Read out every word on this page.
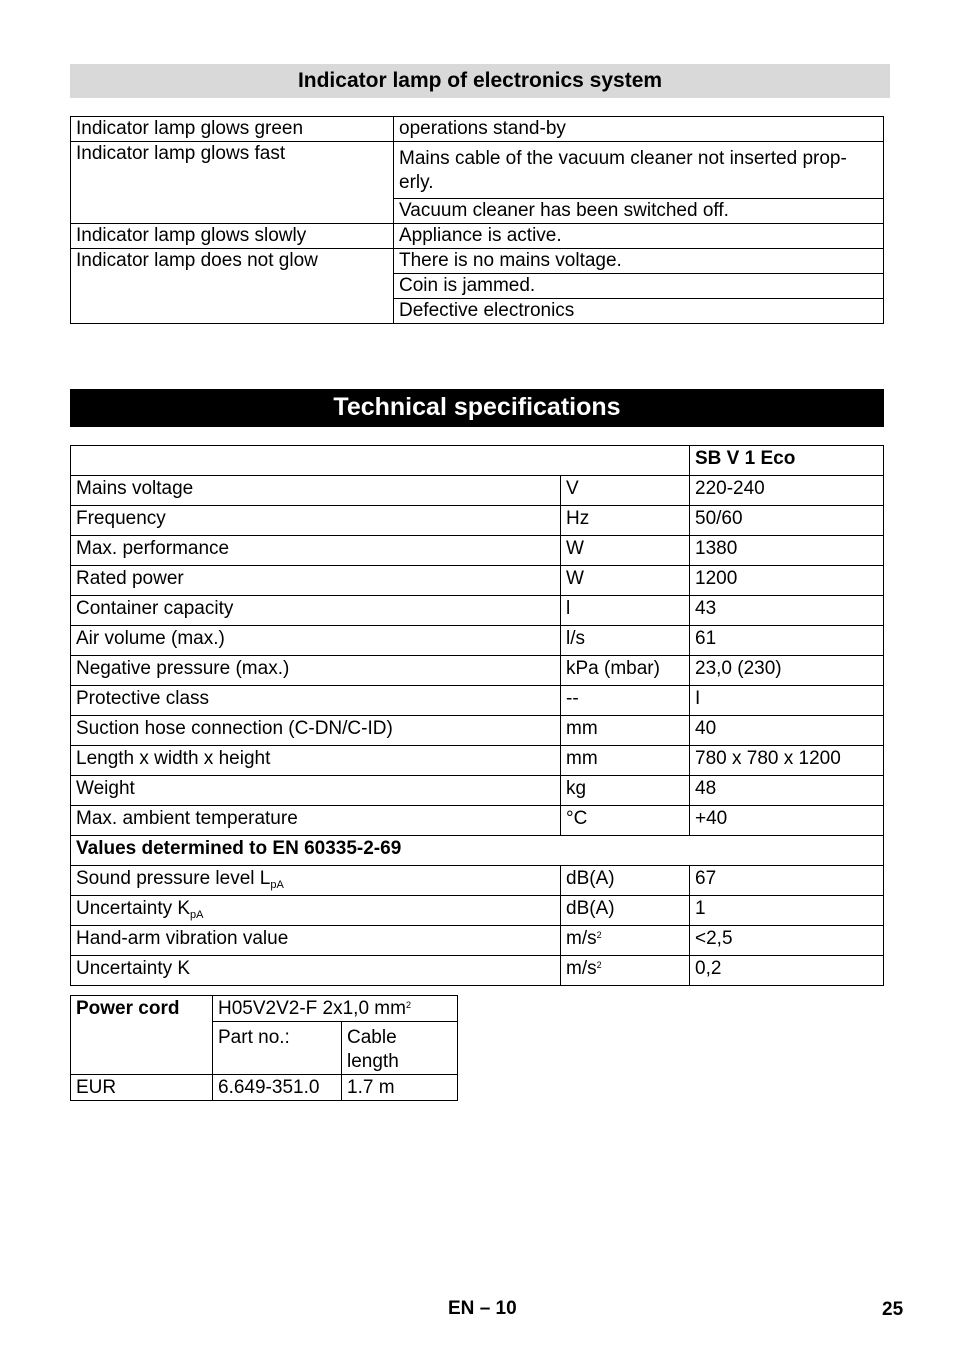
Indicator lamp of electronics system
Indicator lamp glows green	operations stand-by
Indicator lamp glows fast	Mains cable of the vacuum cleaner not inserted prop-erly.
	Vacuum cleaner has been switched off.
Indicator lamp glows slowly	Appliance is active.
Indicator lamp does not glow	There is no mains voltage.
	Coin is jammed.
	Defective electronics
Technical specifications
		SB V 1 Eco
Mains voltage	V	220-240
Frequency	Hz	50/60
Max. performance	W	1380
Rated power	W	1200
Container capacity	l	43
Air volume (max.)	l/s	61
Negative pressure (max.)	kPa (mbar)	23,0 (230)
Protective class	--	I
Suction hose connection (C-DN/C-ID)	mm	40
Length x width x height	mm	780 x 780 x 1200
Weight	kg	48
Max. ambient temperature	°C	+40
Values determined to EN 60335-2-69		
Sound pressure level $L_{pA}$	dB(A)	67
Uncertainty $K_{pA}$	dB(A)	1
Hand-arm vibration value	$m/s^2$	<2,5
Uncertainty K	$m/s^2$	0,2
Power cord	H05V2V2-F 2x1,0 $mm^2$
	Part no.:	Cable length
EUR	6.649-351.0	1.7 m
EN – 10	25
